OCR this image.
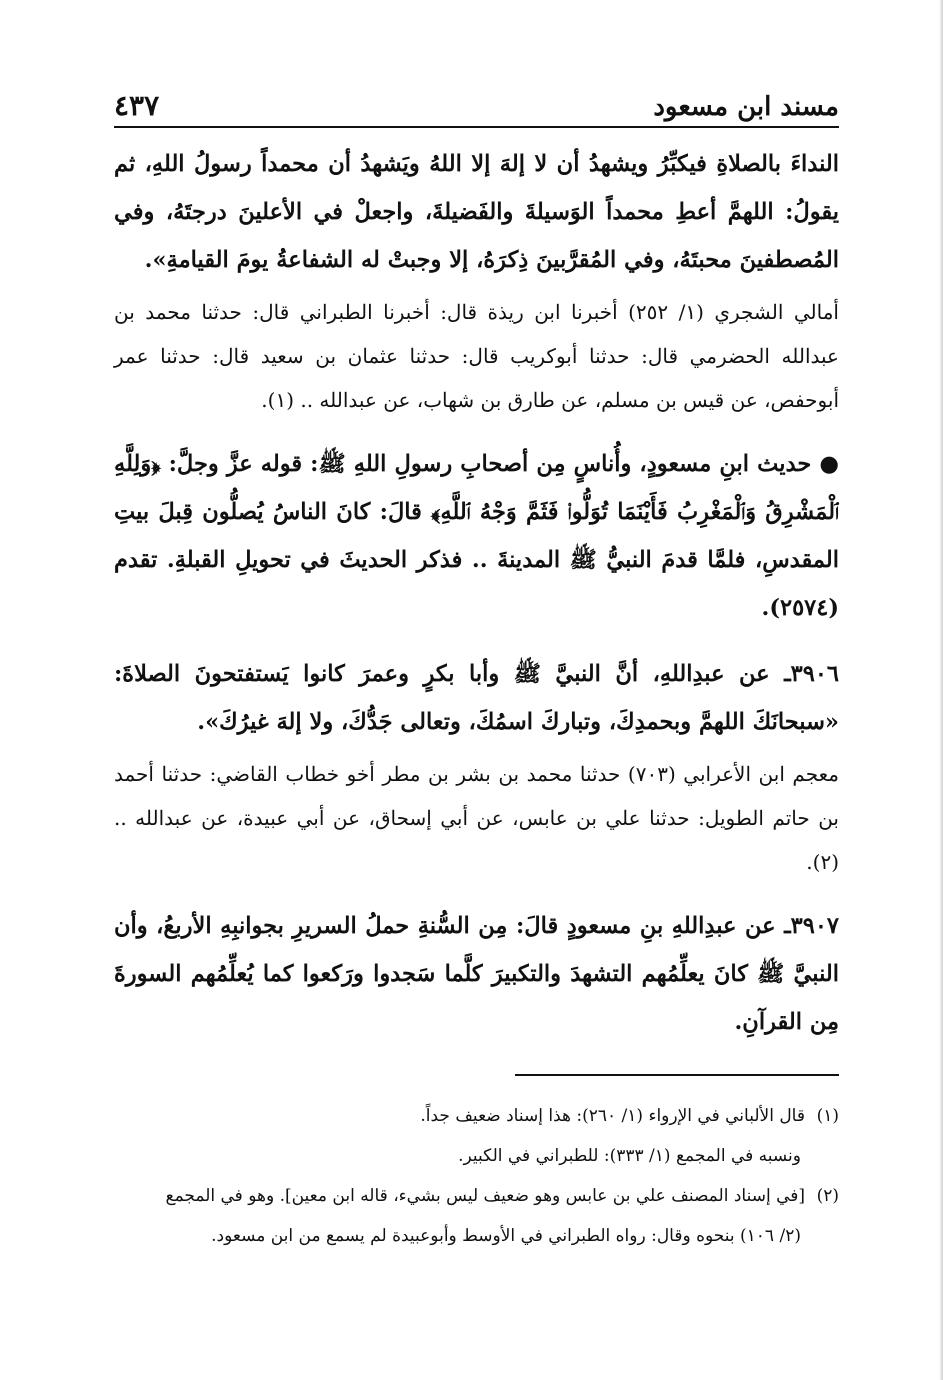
مسند ابن مسعود
٤٣٧

النداءَ بالصلاةِ فيكبِّرُ ويشهدُ أن لا إلهَ إلا اللهُ ويَشهدُ أن محمداً رسولُ اللهِ، ثم يقولُ: اللهمَّ أعطِ محمداً الوَسيلةَ والفَضيلةَ، واجعلْ في الأعلينَ درجتَهُ، وفي المُصطفينَ محبتَهُ، وفي المُقرَّبينَ ذِكرَهُ، إلا وجبتْ له الشفاعةُ يومَ القيامةِ».

أمالي الشجري (١/ ٢٥٢) أخبرنا ابن ريذة قال: أخبرنا الطبراني قال: حدثنا محمد بن عبدالله الحضرمي قال: حدثنا أبوكريب قال: حدثنا عثمان بن سعيد قال: حدثنا عمر أبوحفص، عن قيس بن مسلم، عن طارق بن شهاب، عن عبدالله .. (١).

● حديث ابنِ مسعودٍ، وأُناسٍ مِن أصحابِ رسولِ اللهِ ﷺ: قوله عزَّ وجلَّ: ﴿وَلِلَّهِ ٱلْمَشْرِقُ وَٱلْمَغْرِبُ فَأَيْنَمَا تُوَلُّوا۟ فَثَمَّ وَجْهُ ٱللَّهِ﴾ قالَ: كانَ الناسُ يُصلُّون قِبلَ بيتِ المقدسِ، فلمَّا قدمَ النبيُّ ﷺ المدينةَ .. فذكر الحديثَ في تحويلِ القبلةِ. تقدم (٢٥٧٤).

٣٩٠٦ـ عن عبدِاللهِ، أنَّ النبيَّ ﷺ وأبا بكرٍ وعمرَ كانوا يَستفتحونَ الصلاةَ: «سبحانَكَ اللهمَّ وبحمدِكَ، وتباركَ اسمُكَ، وتعالى جَدُّكَ، ولا إلهَ غيرُكَ».

معجم ابن الأعرابي (٧٠٣) حدثنا محمد بن بشر بن مطر أخو خطاب القاضي: حدثنا أحمد بن حاتم الطويل: حدثنا علي بن عابس، عن أبي إسحاق، عن أبي عبيدة، عن عبدالله .. (٢).

٣٩٠٧ـ عن عبدِاللهِ بنِ مسعودٍ قالَ: مِن السُّنةِ حملُ السريرِ بجوانبِهِ الأربعُ، وأن النبيَّ ﷺ كانَ يعلِّمُهم التشهدَ والتكبيرَ كلَّما سَجدوا ورَكعوا كما يُعلِّمُهم السورةَ مِن القرآنِ.

(١)قال الألباني في الإرواء (١/ ٢٦٠): هذا إسناد ضعيف جداً.
ونسبه في المجمع (١/ ٣٣٣): للطبراني في الكبير.
(٢)[في إسناد المصنف علي بن عابس وهو ضعيف ليس بشيء، قاله ابن معين]. وهو في المجمع
(٢/ ١٠٦) بنحوه وقال: رواه الطبراني في الأوسط وأبوعبيدة لم يسمع من ابن مسعود.
